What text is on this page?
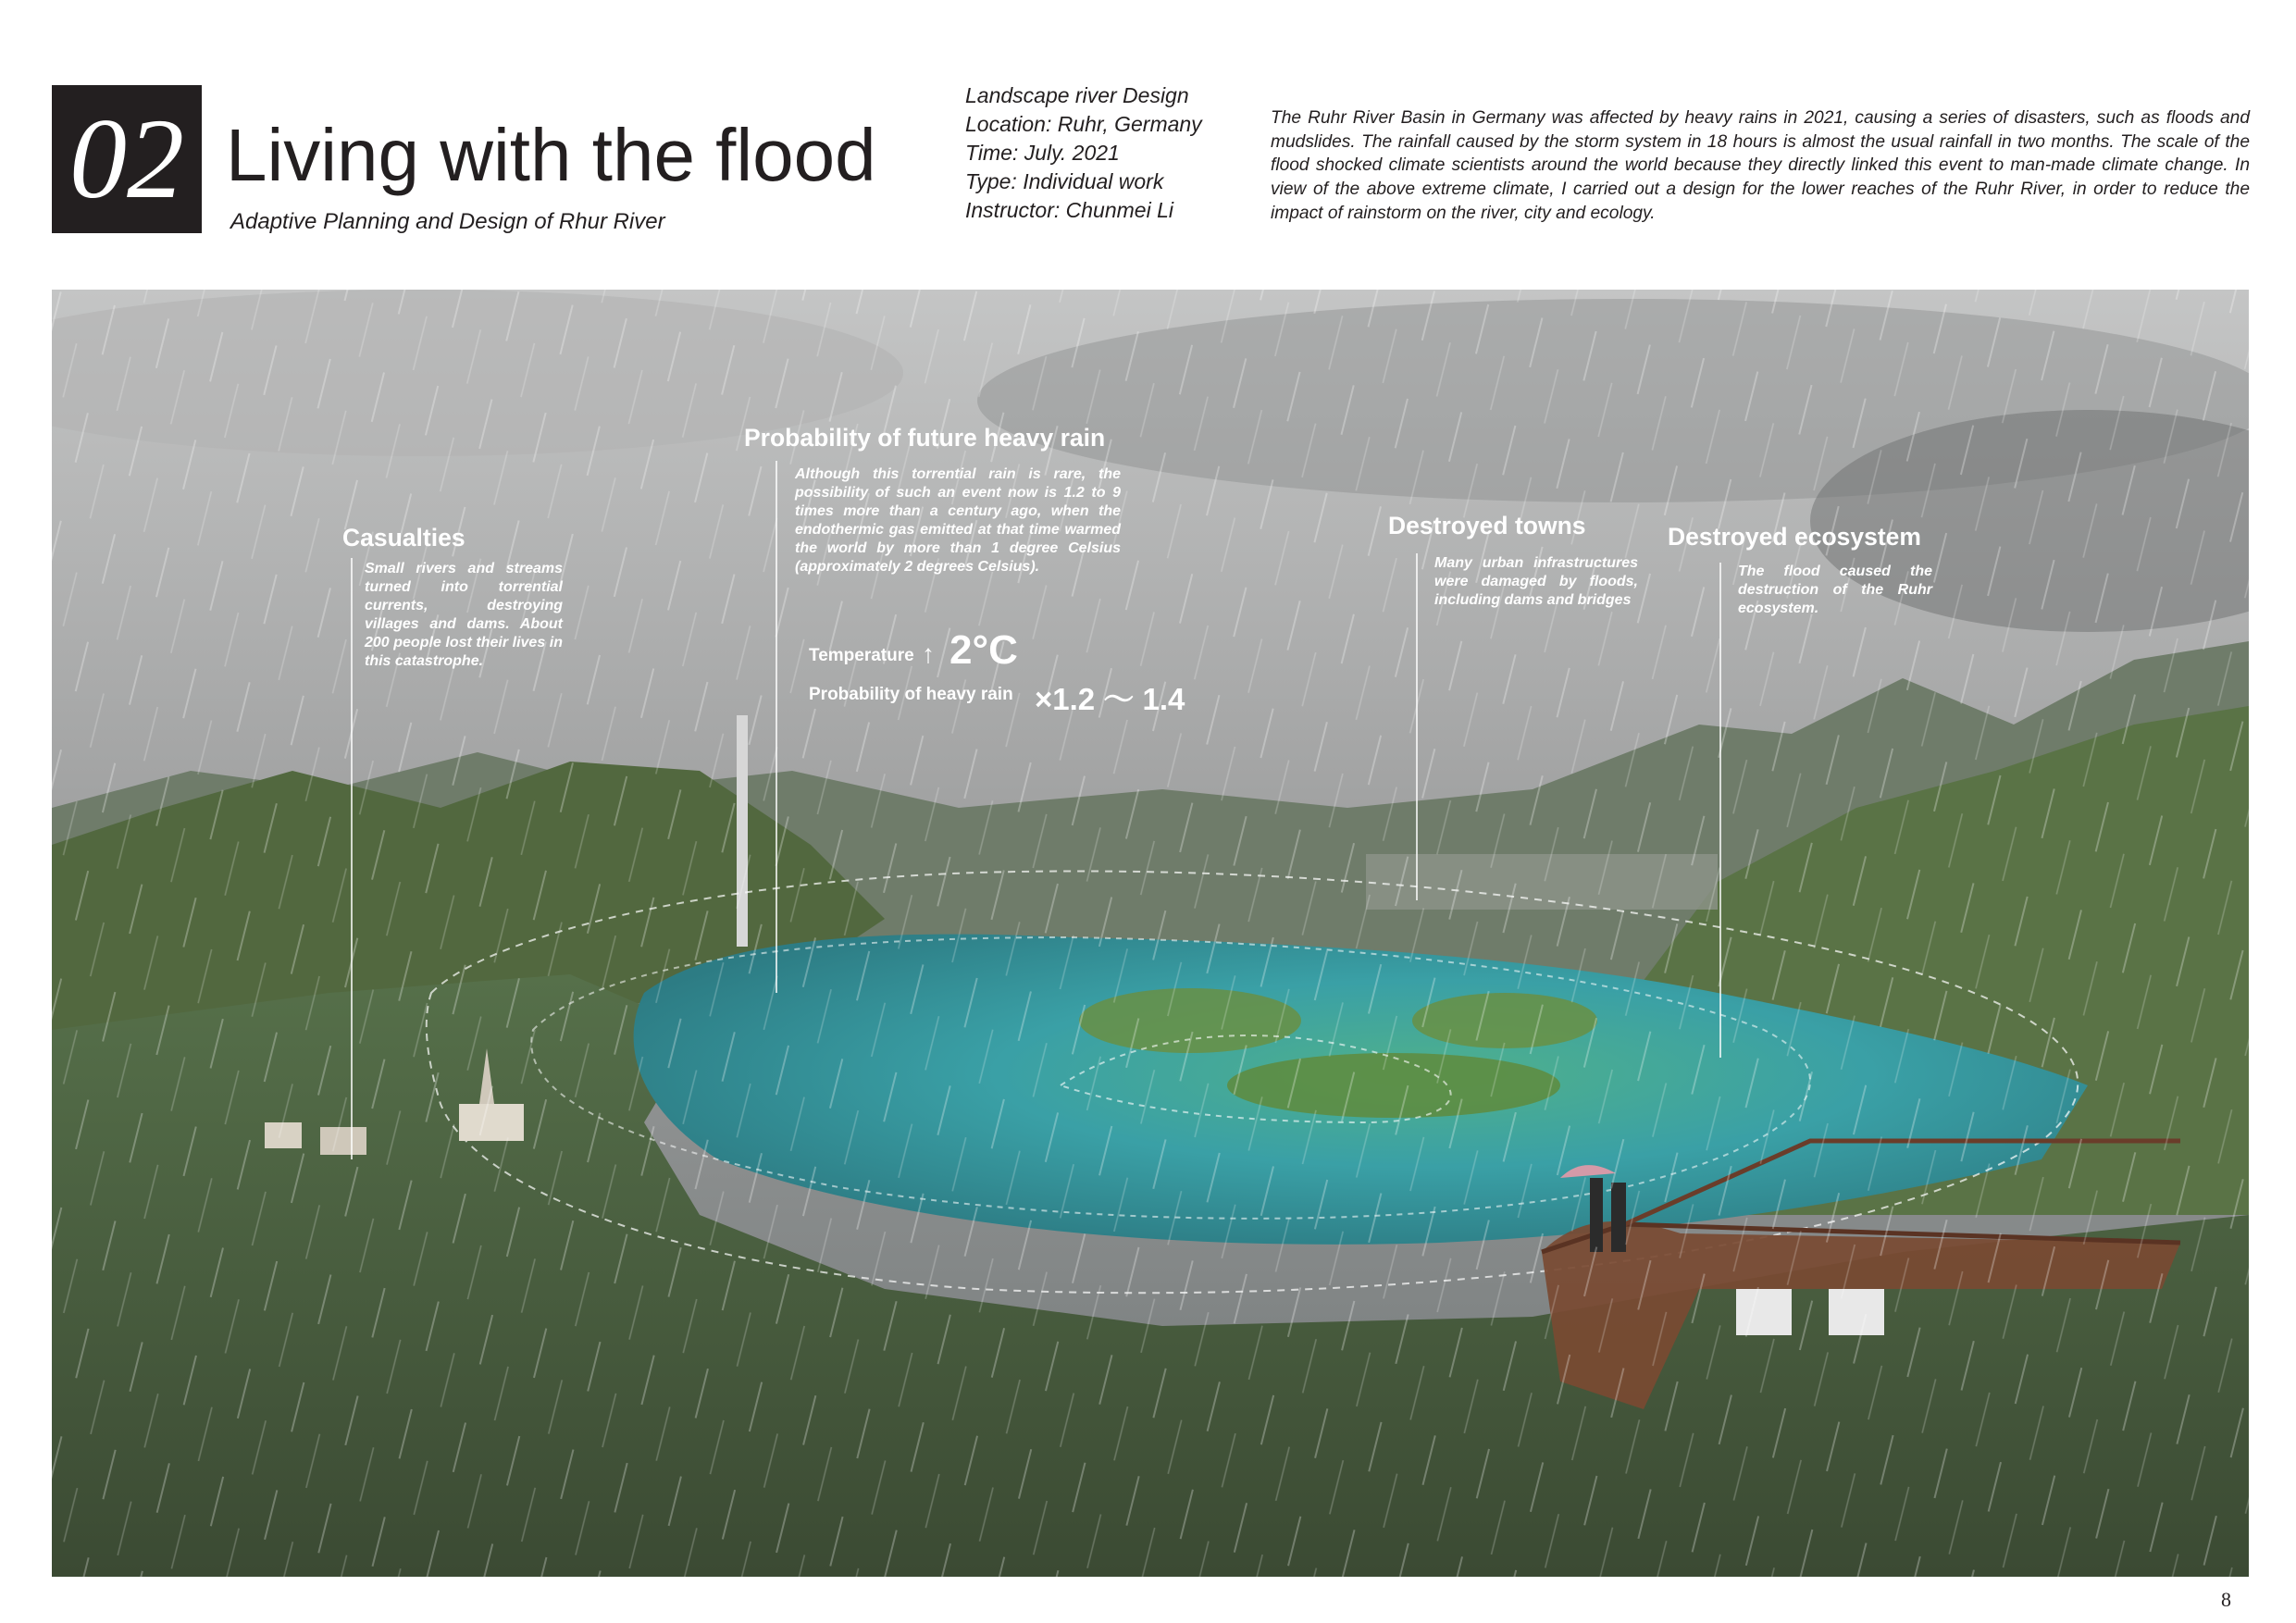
02 Living with the flood
Adaptive Planning and Design of Rhur River
Landscape river Design
Location: Ruhr, Germany
Time: July. 2021
Type: Individual work
Instructor: Chunmei Li
The Ruhr River Basin in Germany was affected by heavy rains in 2021, causing a series of disasters, such as floods and mudslides. The rainfall caused by the storm system in 18 hours is almost the usual rainfall in two months. The scale of the flood shocked climate scientists around the world because they directly linked this event to man-made climate change. In view of the above extreme climate, I carried out a design for the lower reaches of the Ruhr River, in order to reduce the impact of rainstorm on the river, city and ecology.
Casualties
Small rivers and streams turned into torrential currents, destroying villages and dams. About 200 people lost their lives in this catastrophe.
Probability of future heavy rain
Although this torrential rain is rare, the possibility of such an event now is 1.2 to 9 times more than a century ago, when the endothermic gas emitted at that time warmed the world by more than 1 degree Celsius (approximately 2 degrees Celsius).
Temperature ↑ 2°C
Probability of heavy rain ×1.2 ～ 1.4
Destroyed towns
Many urban infrastructures were damaged by floods, including dams and bridges
Destroyed ecosystem
The flood caused the destruction of the Ruhr ecosystem.
8
